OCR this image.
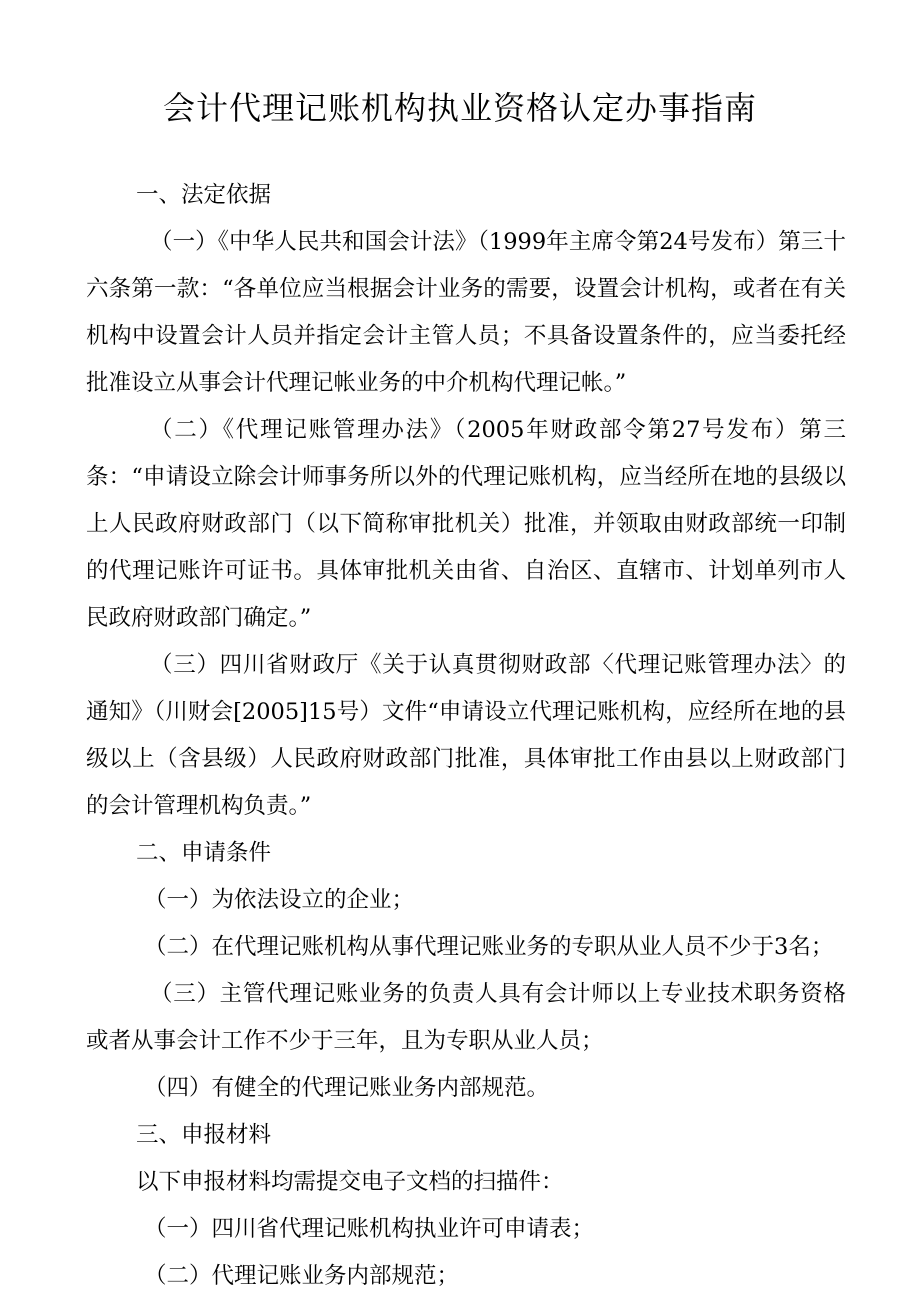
会计代理记账机构执业资格认定办事指南

一、法定依据

（一）《中华人民共和国会计法》（1999年主席令第24号发布）第三十六条第一款：“各单位应当根据会计业务的需要，设置会计机构，或者在有关机构中设置会计人员并指定会计主管人员；不具备设置条件的，应当委托经批准设立从事会计代理记帐业务的中介机构代理记帐。”

（二）《代理记账管理办法》（2005年财政部令第27号发布）第三条：“申请设立除会计师事务所以外的代理记账机构，应当经所在地的县级以上人民政府财政部门（以下简称审批机关）批准，并领取由财政部统一印制的代理记账许可证书。具体审批机关由省、自治区、直辖市、计划单列市人民政府财政部门确定。”

（三）四川省财政厅《关于认真贯彻财政部〈代理记账管理办法〉的通知》（川财会[2005]15号）文件“申请设立代理记账机构，应经所在地的县级以上（含县级）人民政府财政部门批准，具体审批工作由县以上财政部门的会计管理机构负责。”

二、申请条件

（一）为依法设立的企业；

（二）在代理记账机构从事代理记账业务的专职从业人员不少于3名；

（三）主管代理记账业务的负责人具有会计师以上专业技术职务资格或者从事会计工作不少于三年，且为专职从业人员；

（四）有健全的代理记账业务内部规范。

三、申报材料

以下申报材料均需提交电子文档的扫描件：

（一）四川省代理记账机构执业许可申请表；

（二）代理记账业务内部规范；
